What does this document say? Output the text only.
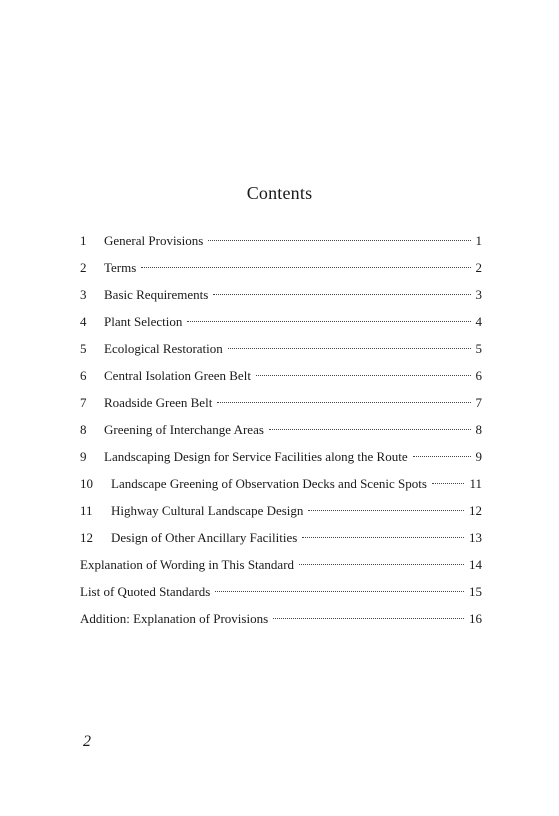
Contents
1	General Provisions	1
2	Terms	2
3	Basic Requirements	3
4	Plant Selection	4
5	Ecological Restoration	5
6	Central Isolation Green Belt	6
7	Roadside Green Belt	7
8	Greening of Interchange Areas	8
9	Landscaping Design for Service Facilities along the Route	9
10	Landscape Greening of Observation Decks and Scenic Spots	11
11	Highway Cultural Landscape Design	12
12	Design of Other Ancillary Facilities	13
Explanation of Wording in This Standard	14
List of Quoted Standards	15
Addition: Explanation of Provisions	16
2
